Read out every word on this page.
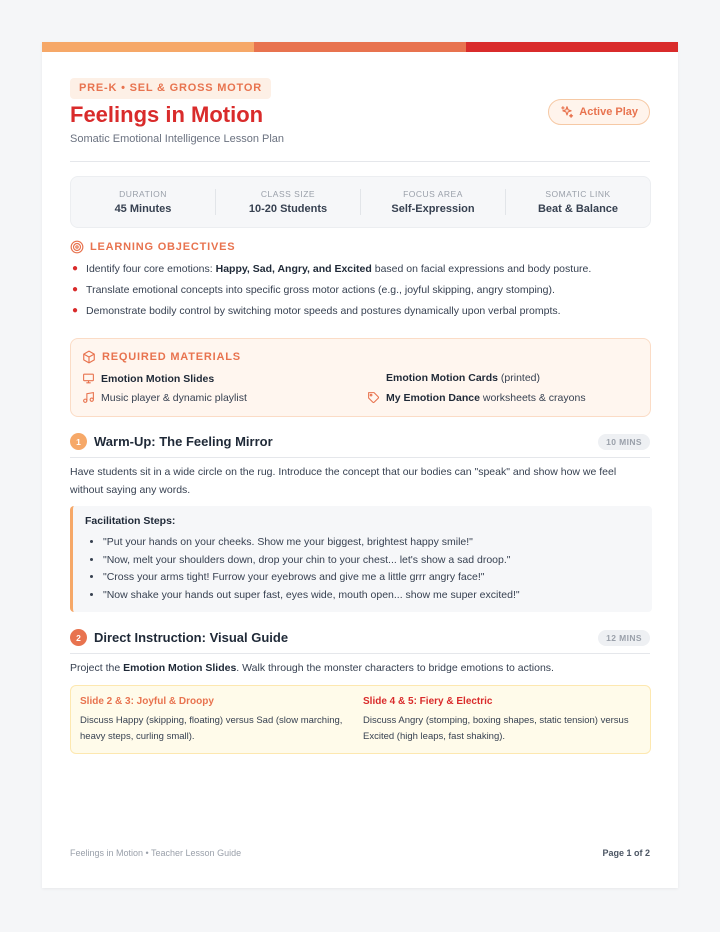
PRE-K • SEL & GROSS MOTOR
Feelings in Motion
Somatic Emotional Intelligence Lesson Plan
Active Play
DURATION
45 Minutes
CLASS SIZE
10-20 Students
FOCUS AREA
Self-Expression
SOMATIC LINK
Beat & Balance
LEARNING OBJECTIVES
● Identify four core emotions: Happy, Sad, Angry, and Excited based on facial expressions and body posture.
● Translate emotional concepts into specific gross motor actions (e.g., joyful skipping, angry stomping).
● Demonstrate bodily control by switching motor speeds and postures dynamically upon verbal prompts.
REQUIRED MATERIALS
Emotion Motion Slides	Emotion Motion Cards (printed)
Music player & dynamic playlist	My Emotion Dance worksheets & crayons
1	Warm-Up: The Feeling Mirror	10 MINS
Have students sit in a wide circle on the rug. Introduce the concept that our bodies can "speak" and show how we feel without saying any words.
Facilitation Steps:
• "Put your hands on your cheeks. Show me your biggest, brightest happy smile!"
• "Now, melt your shoulders down, drop your chin to your chest... let's show a sad droop."
• "Cross your arms tight! Furrow your eyebrows and give me a little grrr angry face!"
• "Now shake your hands out super fast, eyes wide, mouth open... show me super excited!"
2	Direct Instruction: Visual Guide	12 MINS
Project the Emotion Motion Slides. Walk through the monster characters to bridge emotions to actions.
Slide 2 & 3: Joyful & Droopy
Discuss Happy (skipping, floating) versus Sad (slow marching, heavy steps, curling small).
Slide 4 & 5: Fiery & Electric
Discuss Angry (stomping, boxing shapes, static tension) versus Excited (high leaps, fast shaking).
Feelings in Motion • Teacher Lesson Guide	Page 1 of 2
